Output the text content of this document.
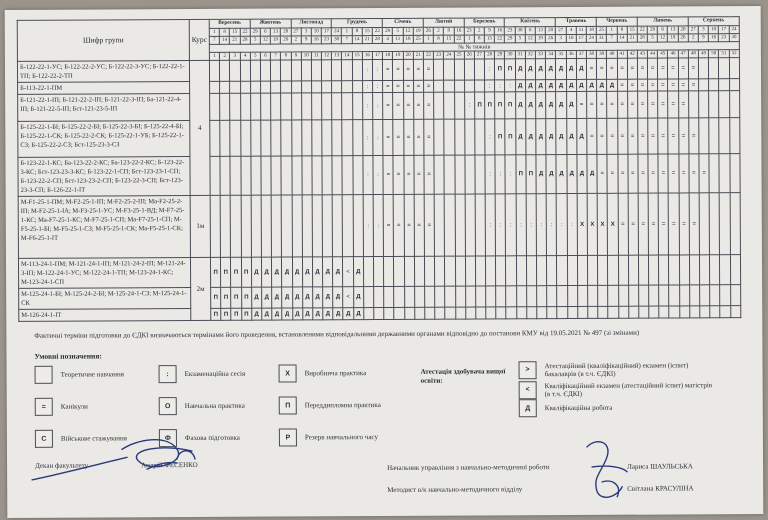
Шифр групи	Курс	Вересень				Жовтень				Листопад				Грудень					Січень				Лютий				Березень				Квітень					Травень				Червень				Липень					Серпень				
		1	8	15	22	29	6	13	20	27	3	10	17	24	1	8	15	22	29	5	12	19	26	2	9	16	23	2	9	16	23	30	6	13	20	27	4	11	18	25	1	8	15	22	29	6	13	20	27	3	10	17	24
		7	14	21	28	5	12	19	26	2	9	16	23	30	7	14	21	28	4	11	18	25	1	8	15	22	1	8	15	22	29	5	12	19	26	3	10	17	24	31	7	14	21	28	5	12	19	26	2	9	16	23	30
		№ № тижнів																																																			
		1	2	3	4	5	6	7	8	9	10	11	12	13	14	15	16	17	18	19	20	21	22	23	24	25	26	27	28	29	30	31	32	33	34	35	36	37	38	39	40	41	42	43	44	45	46	47	48	49	50	51	52
Б-122-22-1-УС; Б-122-22-2-УС; Б-122-22-3-УС; Б-122-22-1-ТП; Б-122-22-2-ТП	4																:	:	=	=	=	=	=						:	П	П	Д	Д	Д	Д	Д	Д	Д	=	=	=	=	=	=	=	=	=	=	=				
Б-113-22-1-ПМ																	:	:	=	=	=	=	=						:	:	:	Д	Д	Д	Д	Д	Д	Д	Д	Д	Д	=	=	=	=	=	=	=	=				
Б-121-22-1-ІП; Б-121-22-2-ІП; Б-121-22-3-ІП; Ба-121-22-4-ІП; Б-121-22-5-ІП; Бст-121-23-5-ІП																	:	:	=	=	=	=	=				:	П	П	П	П	Д	Д	Д	Д	Д	Д	=	=	=	=	=	=	=	=	=	=	=					
Б-125-22-1-БІ; Б-125-22-2-БІ; Б-125-22-3-БІ; Б-125-22-4-БІ; Б-125-22-1-СК; Б-125-22-2-СК; Б-125-22-1-УБ; Б-125-22-1-СЗ; Б-125-22-2-СЗ; Бст-125-23-3-СЗ																	:	:	=	=	=	=	=						:	П	П	Д	Д	Д	Д	Д	Д	Д	=	=	=	=	=	=	=	=	=	=	=				
Б-123-22-1-КС; Ба-123-22-2-КС; Ба-123-22-2-КС; Б-123-22-3-КС; Бст-123-23-3-КС; Б-123-22-1-СП; Бст-123-23-1-СП; Б-123-22-2-СП; Бст-123-23-2-СП; Б-123-22-3-СП; Бст-123-23-3-СП; Б-126-22-1-ІТ																	:	:	=	=	=	=	=						:	:	:	П	П	Д	Д	Д	Д	Д	Д	=	=	=	=	=	=	=	=	=	=	=			
М-F1-25-1-ПМ; М-F2-25-1-ІП; М-F2-25-2-ІП; Ма-F2-25-2-ІП; М-F2-25-1-ІА; М-F3-25-1-УС; М-F3-25-1-ВД; М-F7-25-1-КС; Ма-F7-25-1-КС; М-F7-25-1-СП; Ма-F7-25-1-СП; М-F5-25-1-БІ; М-F5-25-1-СЗ; М-F5-25-1-СК; Ма-F5-25-1-СК; М-F6-25-1-ІТ	1м																:	:	=	=	=	=	=						:	:	:	:	:	:	:	:	:	X	X	X	X	=	=	=	=	=	=	=	=				
М-113-24-1-ПМ; М-121-24-1-ІП; М-121-24-2-ІП; М-121-24-3-ІП; М-122-24-1-УС; М-122-24-1-ТП; М-123-24-1-КС; М-123-24-1-СП	2м	П	П	П	П	Д	Д	Д	Д	Д	Д	Д	Д	Д	<	Д																																					
М-125-24-1-БІ; М-125-24-2-БІ; М-125-24-1-СЗ; М-125-24-1-СК		П	П	П	П	Д	Д	Д	Д	Д	Д	Д	Д	Д	<	Д																																					
М-126-24-1-ІТ		П	П	П	П	Д	Д	Д	Д	Д	Д	Д	Д	Д	Д	Д																																					
Фактичні терміни підготовки до ЄДКІ визначаються термінами його проведення, встановленими відповідальними державними органами відповідно до постанови КМУ від 19.05.2021 № 497 (зі змінами)
Умовні позначення:
Теоретичне навчання	:	Екзаменаційна сесія	X	Виробнича практика
=	Канікули	О	Навчальна практика	П	Переддипломна практика
С	Військове стажування	Ф	Фахова підготовка	Р	Резерв навчального часу
Атестація здобувача вищої освіти:
>	Атестаційний (кваліфікаційний) екзамен (іспит) бакалаврів (в т.ч. ЄДКІ)
<	Кваліфікаційний екзамен (атестаційний іспит) магістрів (в т.ч. ЄДКІ)
Д	Кваліфікаційна робота
Декан факультету	Андрій ФЕСЕНКО	Начальник управління з навчально-методичної роботи	Лариса ШАУЛЬСЬКА
Методист в/к навчально-методичного відділу	Світлана КРАСУЛІНА
